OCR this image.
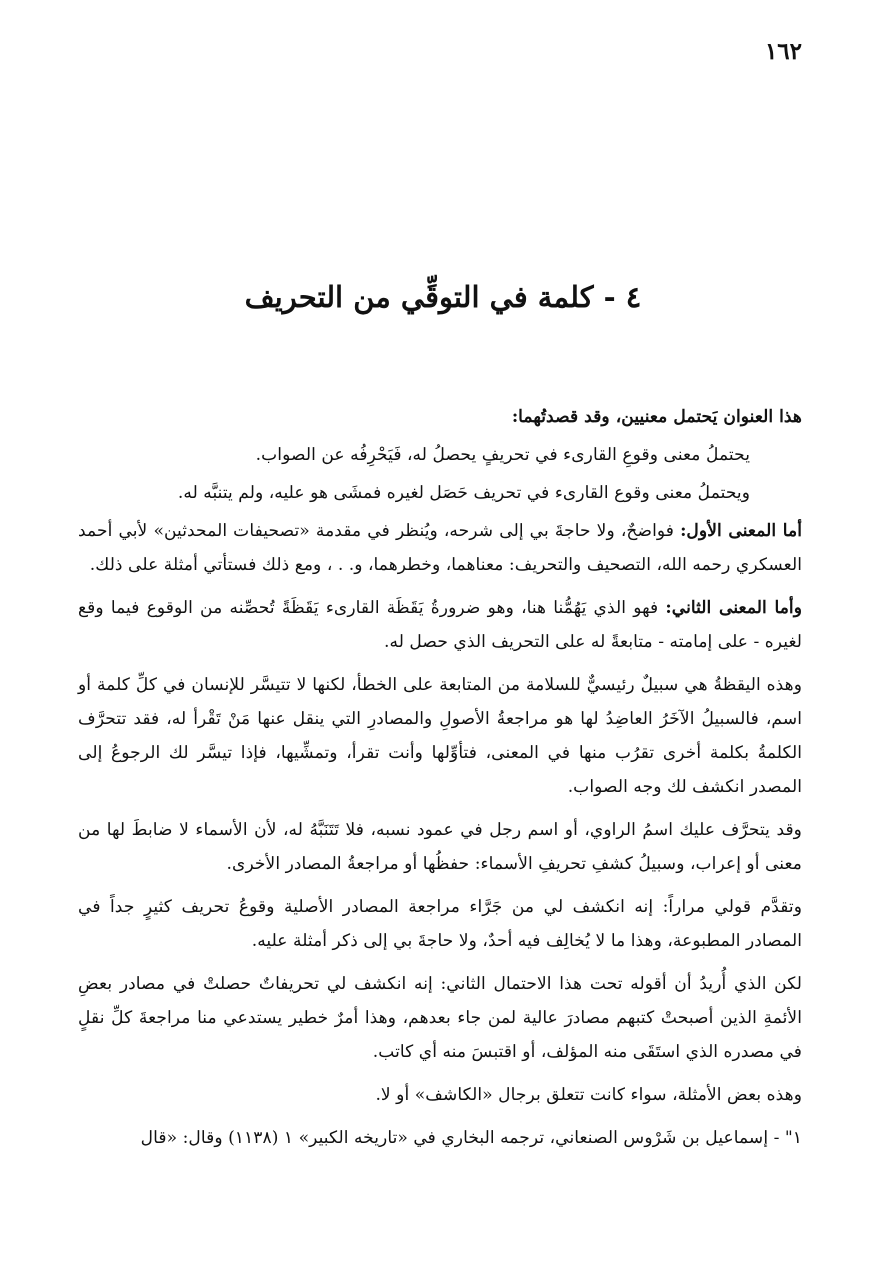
١٦٢
٤ - كلمة في التوقِّي من التحريف

هذا العنوان يَحتمل معنيين، وقد قصدتُهما:

يحتملُ معنى وقوعِ القارىء في تحريفٍ يحصلُ له، فَيَحْرِفُه عن الصواب.

ويحتملُ معنى وقوع القارىء في تحريف حَصَل لغيره فمشَى هو عليه، ولم يتنبَّه له.

أما المعنى الأول: فواضحٌ، ولا حاجةَ بي إلى شرحه، ويُنظر في مقدمة «تصحيفات المحدثين» لأبي أحمد العسكري رحمه الله، التصحيف والتحريف: معناهما، وخطرهما، و. . ، ومع ذلك فستأتي أمثلة على ذلك.

وأما المعنى الثاني: فهو الذي يَهُمُّنا هنا، وهو ضرورةُ يَقَظَة القارىء يَقَظَةً تُحصِّنه من الوقوع فيما وقع لغيره - على إمامته - متابعةً له على التحريف الذي حصل له.

وهذه اليقظةُ هي سبيلٌ رئيسيٌّ للسلامة من المتابعة على الخطأ، لكنها لا تتيسَّر للإنسان في كلِّ كلمة أو اسم، فالسبيلُ الآخَرُ العاضِدُ لها هو مراجعةُ الأصولِ والمصادرِ التي ينقل عنها مَنْ تَقْرأ له، فقد تتحرَّف الكلمةُ بكلمة أخرى تقرُب منها في المعنى، فتأوِّلها وأنت تقرأ، وتمشِّيها، فإذا تيسَّر لك الرجوعُ إلى المصدر انكشف لك وجه الصواب.

وقد يتحرَّف عليك اسمُ الراوي، أو اسم رجل في عمود نسبه، فلا تَتَنَبَّهُ له، لأن الأسماء لا ضابطَ لها من معنى أو إعراب، وسبيلُ كشفِ تحريفِ الأسماء: حفظُها أو مراجعةُ المصادر الأخرى.

وتقدَّم قولي مراراً: إنه انكشف لي من جَرَّاء مراجعة المصادر الأصلية وقوعُ تحريف كثيرٍ جداً في المصادر المطبوعة، وهذا ما لا يُخالِف فيه أحدٌ، ولا حاجةَ بي إلى ذكر أمثلة عليه.

لكن الذي أُريدُ أن أقوله تحت هذا الاحتمال الثاني: إنه انكشف لي تحريفاتٌ حصلتْ في مصادر بعضِ الأئمةِ الذين أصبحتْ كتبهم مصادرَ عالية لمن جاء بعدهم، وهذا أمرٌ خطير يستدعي منا مراجعةَ كلِّ نقلٍ في مصدره الذي استَقَى منه المؤلف، أو اقتبسَ منه أي كاتب.

وهذه بعض الأمثلة، سواء كانت تتعلق برجال «الكاشف» أو لا.

١" - إسماعيل بن شَرْوس الصنعاني، ترجمه البخاري في «تاريخه الكبير» ١ (١١٣٨) وقال: «قال
